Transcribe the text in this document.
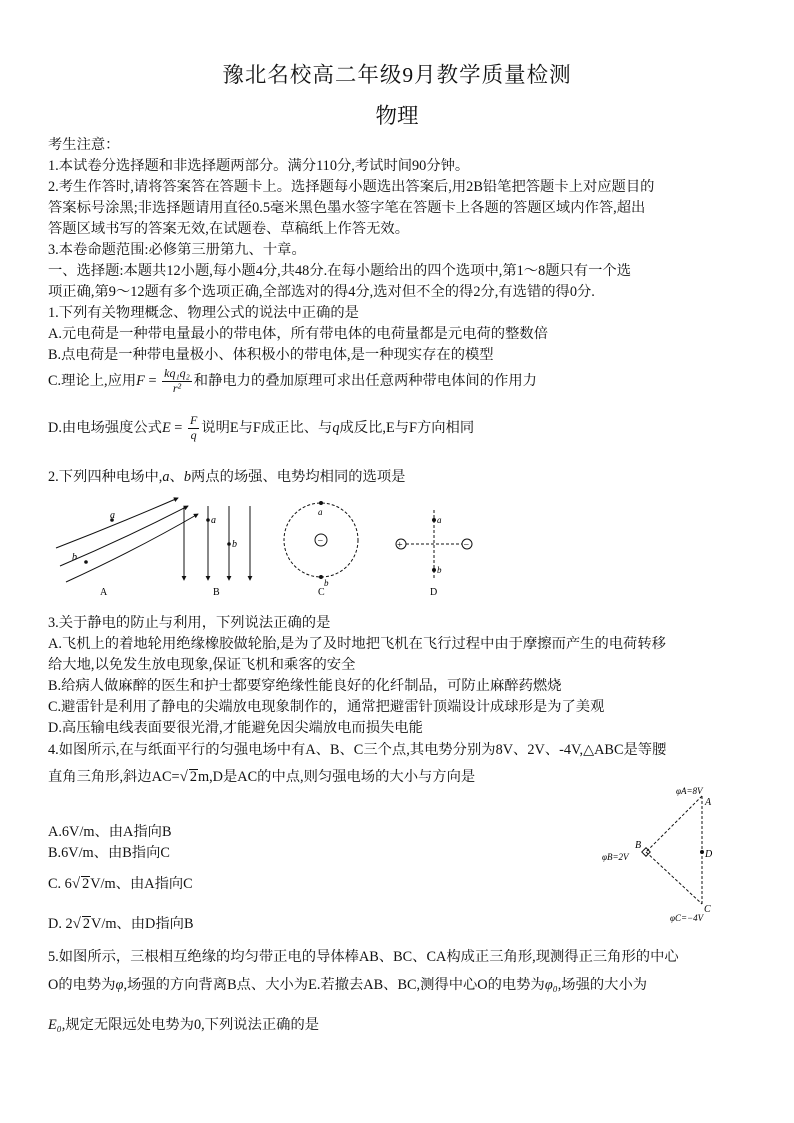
豫北名校高二年级9月教学质量检测
物理
考生注意：
1.本试卷分选择题和非选择题两部分。满分110分,考试时间90分钟。
2.考生作答时,请将答案答在答题卡上。选择题每小题选出答案后,用2B铅笔把答题卡上对应题目的
答案标号涂黑;非选择题请用直径0.5毫米黑色墨水签字笔在答题卡上各题的答题区域内作答,超出
答题区域书写的答案无效,在试题卷、草稿纸上作答无效。
3.本卷命题范围:必修第三册第九、十章。
一、选择题:本题共12小题,每小题4分,共48分.在每小题给出的四个选项中,第1～8题只有一个选
项正确,第9～12题有多个选项正确,全部选对的得4分,选对但不全的得2分,有选错的得0分.
1.下列有关物理概念、物理公式的说法中正确的是
A.元电荷是一种带电量最小的带电体，所有带电体的电荷量都是元电荷的整数倍
B.点电荷是一种带电量极小、体积极小的带电体,是一种现实存在的模型
C.理论上,应用$F = \frac{\text{kq₁q₂}}{\text{r²}}$ 和静电力的叠加原理可求出任意两种带电体间的作用力
D.由电场强度公式$E = \frac{F}{q}$ 说明E与F成正比、与q成反比,E与F方向相同
2.下列四种电场中,a、b两点的场强、电势均相同的选项是
a
b
A
a
b
B
−
a
b
C
+	−
a
b
D
3.关于静电的防止与利用，下列说法正确的是
A.飞机上的着地轮用绝缘橡胶做轮胎,是为了及时地把飞机在飞行过程中由于摩擦而产生的电荷转移
给大地,以免发生放电现象,保证飞机和乘客的安全
B.给病人做麻醉的医生和护士都要穿绝缘性能良好的化纤制品，可防止麻醉药燃烧
C.避雷针是利用了静电的尖端放电现象制作的，通常把避雷针顶端设计成球形是为了美观
D.高压输电线表面要很光滑,才能避免因尖端放电而损失电能
4.如图所示,在与纸面平行的匀强电场中有A、B、C三个点,其电势分别为8V、2V、-4V,△ABC是等腰
直角三角形,斜边AC=√ 2m,D是AC的中点,则匀强电场的大小与方向是
A.6V/m、由A指向B
B.6V/m、由B指向C
C. 6√ 2V/m、由A指向C
D. 2√ 2V/m、由D指向B
φA=8V
A
B
φB=2V	D
C
φC=−4V
5.如图所示，三根相互绝缘的均匀带正电的导体棒AB、BC、CA构成正三角形,现测得正三角形的中心
O的电势为φ,场强的方向背离B点、大小为E.若撤去AB、BC,测得中心O的电势为φ₀,场强的大小为
E₀,规定无限远处电势为0,下列说法正确的是
